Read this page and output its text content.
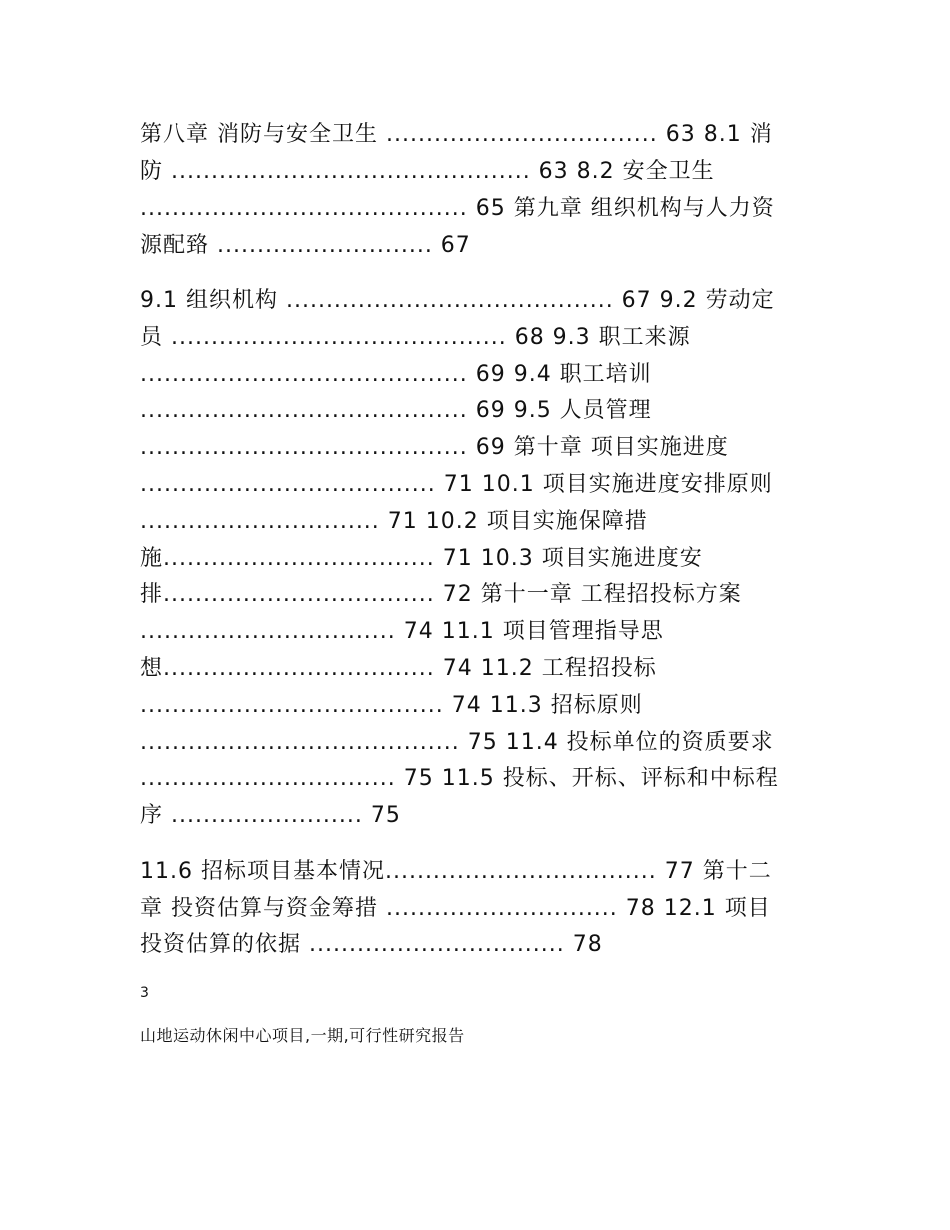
第八章 消防与安全卫生 .................................. 63 8.1 消
防 ............................................. 63 8.2 安全卫生
......................................... 65 第九章 组织机构与人力资
源配臵 ........................... 67
9.1 组织机构 ......................................... 67 9.2 劳动定
员 .......................................... 68 9.3 职工来源
......................................... 69 9.4 职工培训
......................................... 69 9.5 人员管理
......................................... 69 第十章 项目实施进度
..................................... 71 10.1 项目实施进度安排原则
.............................. 71 10.2 项目实施保障措
施.................................. 71 10.3 项目实施进度安
排.................................. 72 第十一章 工程招投标方案
................................ 74 11.1 项目管理指导思
想.................................. 74 11.2 工程招投标
...................................... 74 11.3 招标原则
........................................ 75 11.4 投标单位的资质要求
................................ 75 11.5 投标、开标、评标和中标程
序 ........................ 75
11.6 招标项目基本情况.................................. 77 第十二
章 投资估算与资金筹措 ............................. 78 12.1 项目
投资估算的依据 ................................ 78
3
山地运动休闲中心项目,一期,可行性研究报告
